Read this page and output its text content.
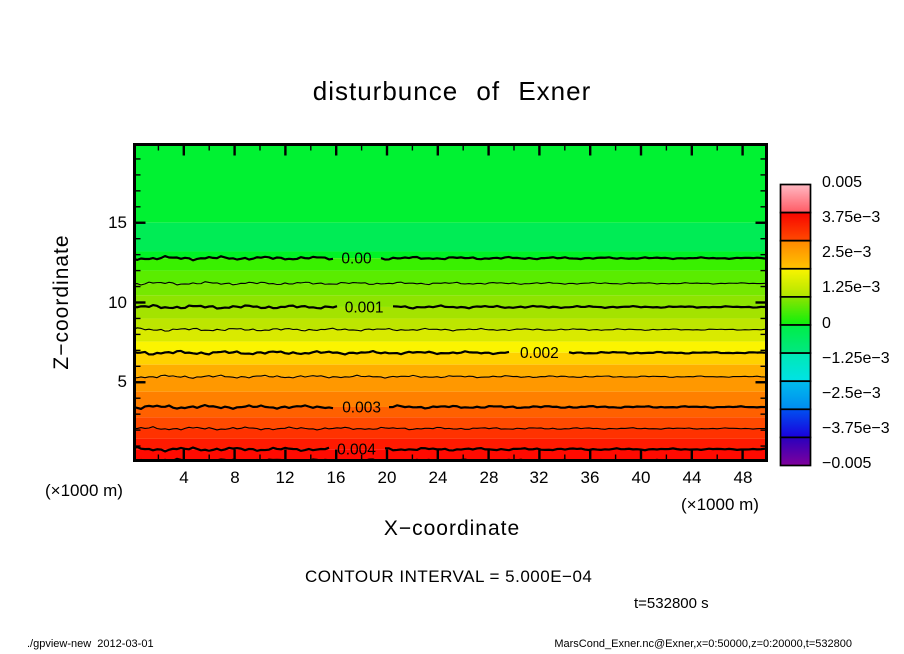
disturbunce of Exner
Z−coordinate
X−coordinate
(×1000 m)
(×1000 m)
CONTOUR INTERVAL = 5.000E−04
t=532800 s
./gpview-new  2012-03-01	MarsCond_Exner.nc@Exner,x=0:50000,z=0:20000,t=532800
0.00
0.001
0.002
0.003
0.004
4	8	12	16	20	24	28	32	36	40	44	48
5
10
15
0.005
3.75e−3
2.5e−3
1.25e−3
0
−1.25e−3
−2.5e−3
−3.75e−3
−0.005
